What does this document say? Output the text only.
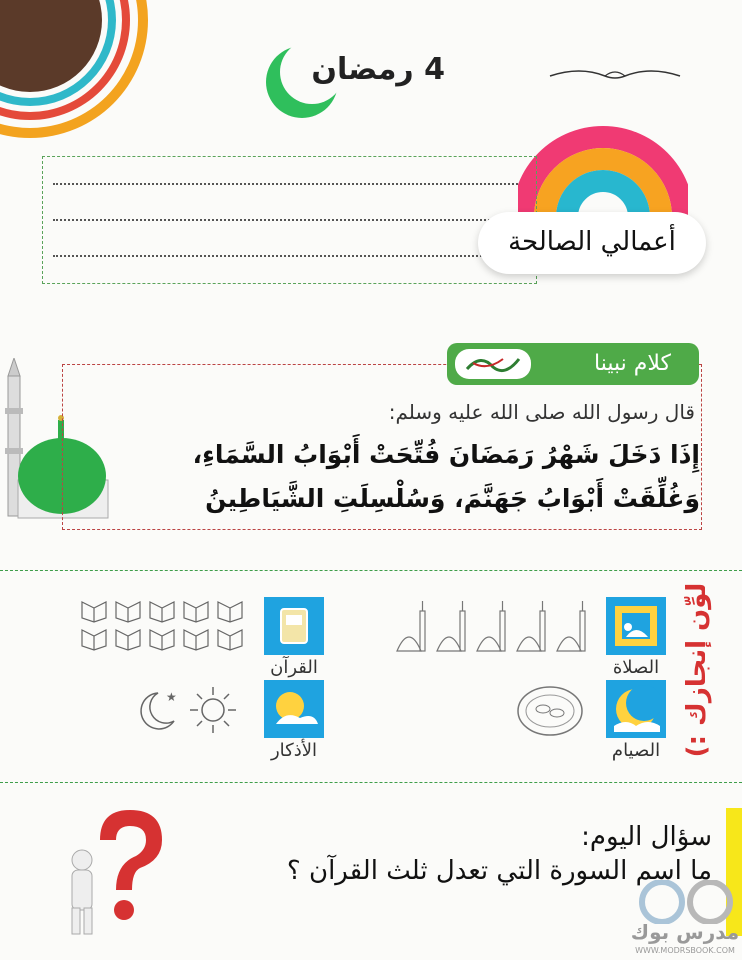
4 رمضان
أعمالي الصالحة
كلام نبينا
قال رسول الله صلى الله عليه وسلم:
إِذَا دَخَلَ شَهْرُ رَمَضَانَ فُتِّحَتْ أَبْوَابُ السَّمَاءِ،
وَغُلِّقَتْ أَبْوَابُ جَهَنَّمَ، وَسُلْسِلَتِ الشَّيَاطِينُ
لوِّن إنجازك :)
الصلاة
القرآن
الصيام
الأذكار
★
سؤال اليوم:
ما اسم السورة التي تعدل ثلث القرآن ؟
مدرس بوك
WWW.MODRSBOOK.COM
